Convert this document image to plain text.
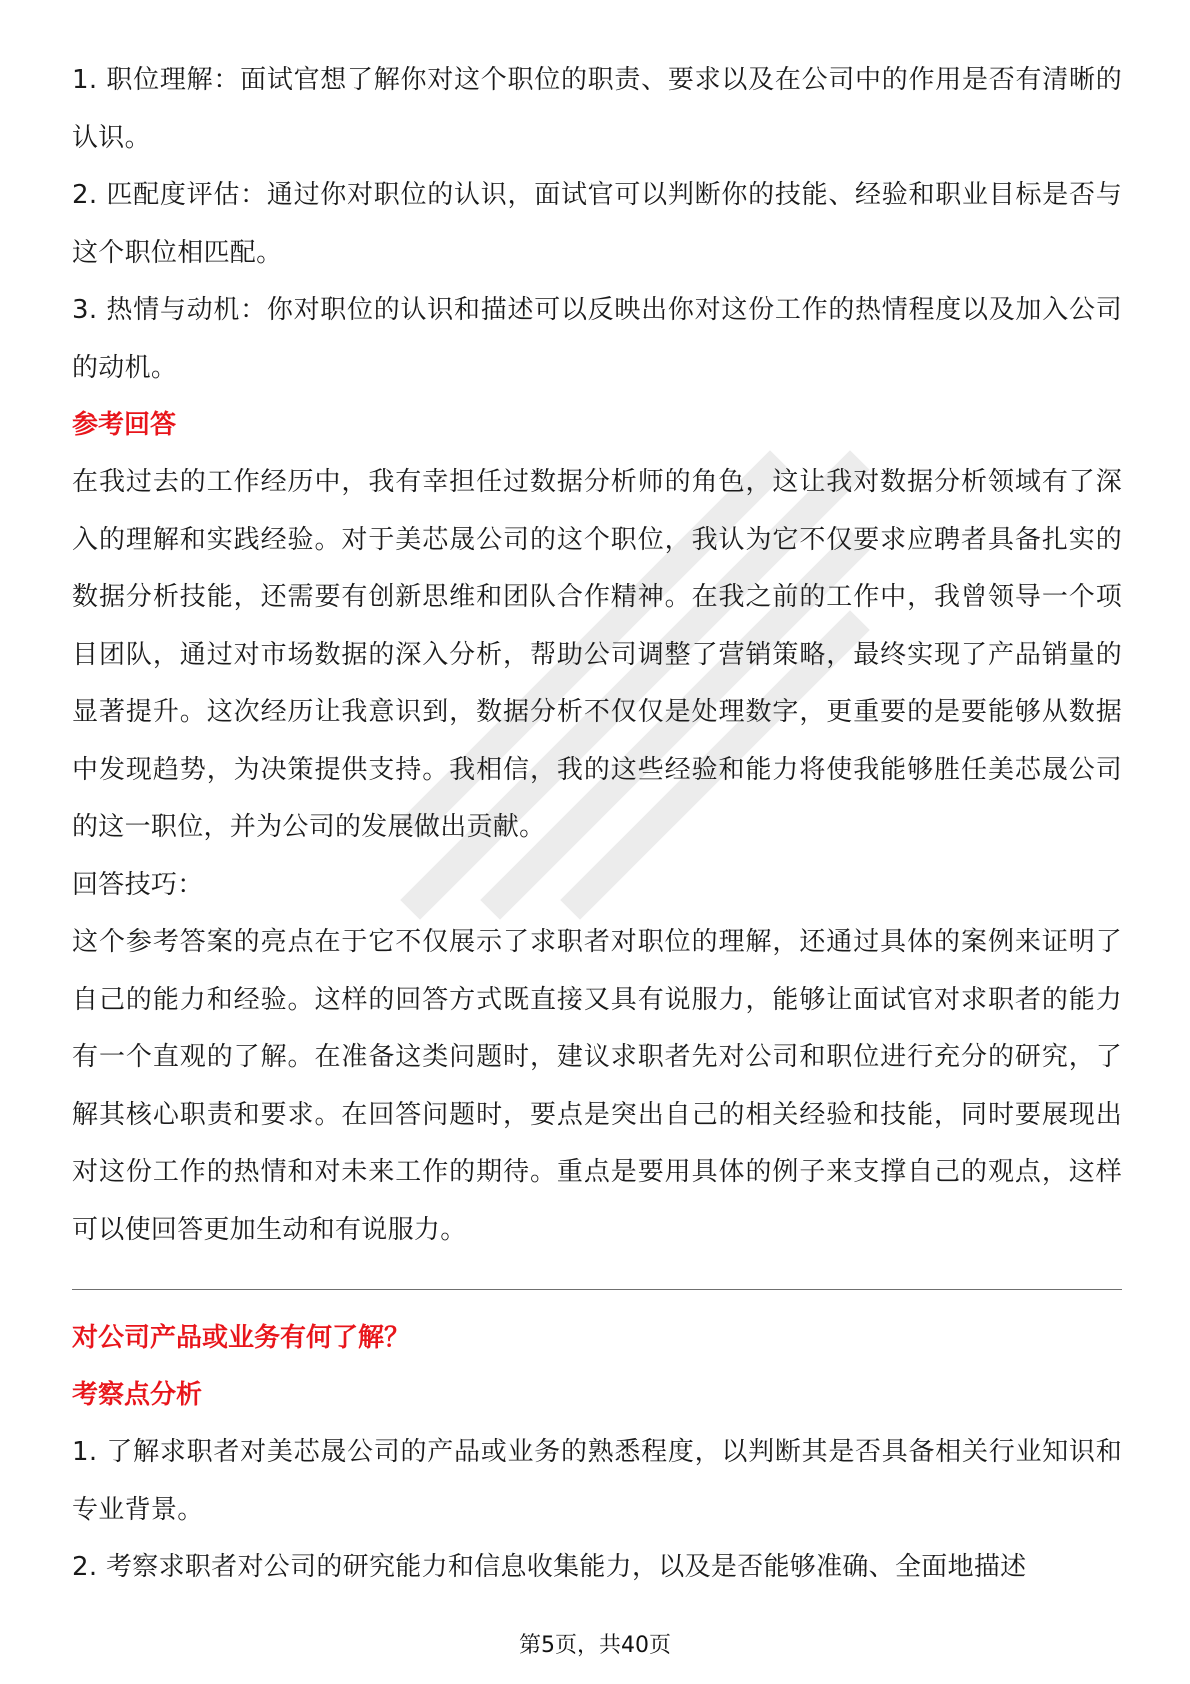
1. 职位理解：面试官想了解你对这个职位的职责、要求以及在公司中的作用是否有清晰的认识。

2. 匹配度评估：通过你对职位的认识，面试官可以判断你的技能、经验和职业目标是否与这个职位相匹配。

3. 热情与动机：你对职位的认识和描述可以反映出你对这份工作的热情程度以及加入公司的动机。

参考回答

在我过去的工作经历中，我有幸担任过数据分析师的角色，这让我对数据分析领域有了深入的理解和实践经验。对于美芯晟公司的这个职位，我认为它不仅要求应聘者具备扎实的数据分析技能，还需要有创新思维和团队合作精神。在我之前的工作中，我曾领导一个项目团队，通过对市场数据的深入分析，帮助公司调整了营销策略，最终实现了产品销量的显著提升。这次经历让我意识到，数据分析不仅仅是处理数字，更重要的是要能够从数据中发现趋势，为决策提供支持。我相信，我的这些经验和能力将使我能够胜任美芯晟公司的这一职位，并为公司的发展做出贡献。

回答技巧：

这个参考答案的亮点在于它不仅展示了求职者对职位的理解，还通过具体的案例来证明了自己的能力和经验。这样的回答方式既直接又具有说服力，能够让面试官对求职者的能力有一个直观的了解。在准备这类问题时，建议求职者先对公司和职位进行充分的研究，了解其核心职责和要求。在回答问题时，要点是突出自己的相关经验和技能，同时要展现出对这份工作的热情和对未来工作的期待。重点是要用具体的例子来支撑自己的观点，这样可以使回答更加生动和有说服力。

对公司产品或业务有何了解？

考察点分析

1. 了解求职者对美芯晟公司的产品或业务的熟悉程度，以判断其是否具备相关行业知识和专业背景。

2. 考察求职者对公司的研究能力和信息收集能力，以及是否能够准确、全面地描述

第5页，共40页
